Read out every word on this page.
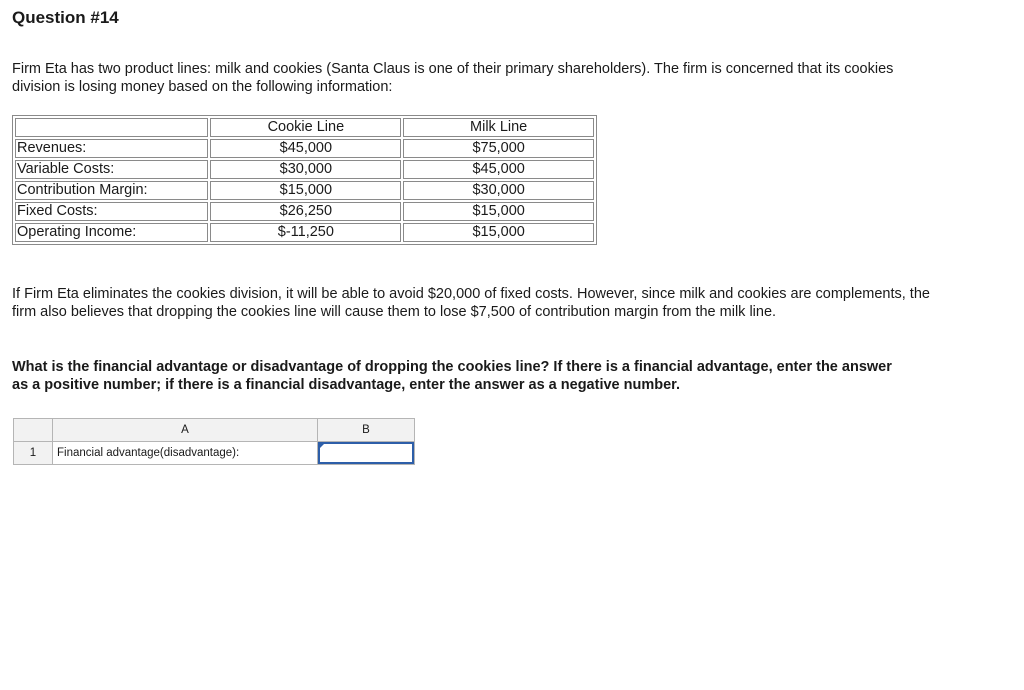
Question #14

Firm Eta has two product lines: milk and cookies (Santa Claus is one of their primary shareholders). The firm is concerned that its cookies division is losing money based on the following information:

	Cookie Line	Milk Line
Revenues:	$45,000	$75,000
Variable Costs:	$30,000	$45,000
Contribution Margin:	$15,000	$30,000
Fixed Costs:	$26,250	$15,000
Operating Income:	$-11,250	$15,000

If Firm Eta eliminates the cookies division, it will be able to avoid $20,000 of fixed costs. However, since milk and cookies are complements, the firm also believes that dropping the cookies line will cause them to lose $7,500 of contribution margin from the milk line.

What is the financial advantage or disadvantage of dropping the cookies line? If there is a financial advantage, enter the answer as a positive number; if there is a financial disadvantage, enter the answer as a negative number.

	A	B
1	Financial advantage(disadvantage):	
